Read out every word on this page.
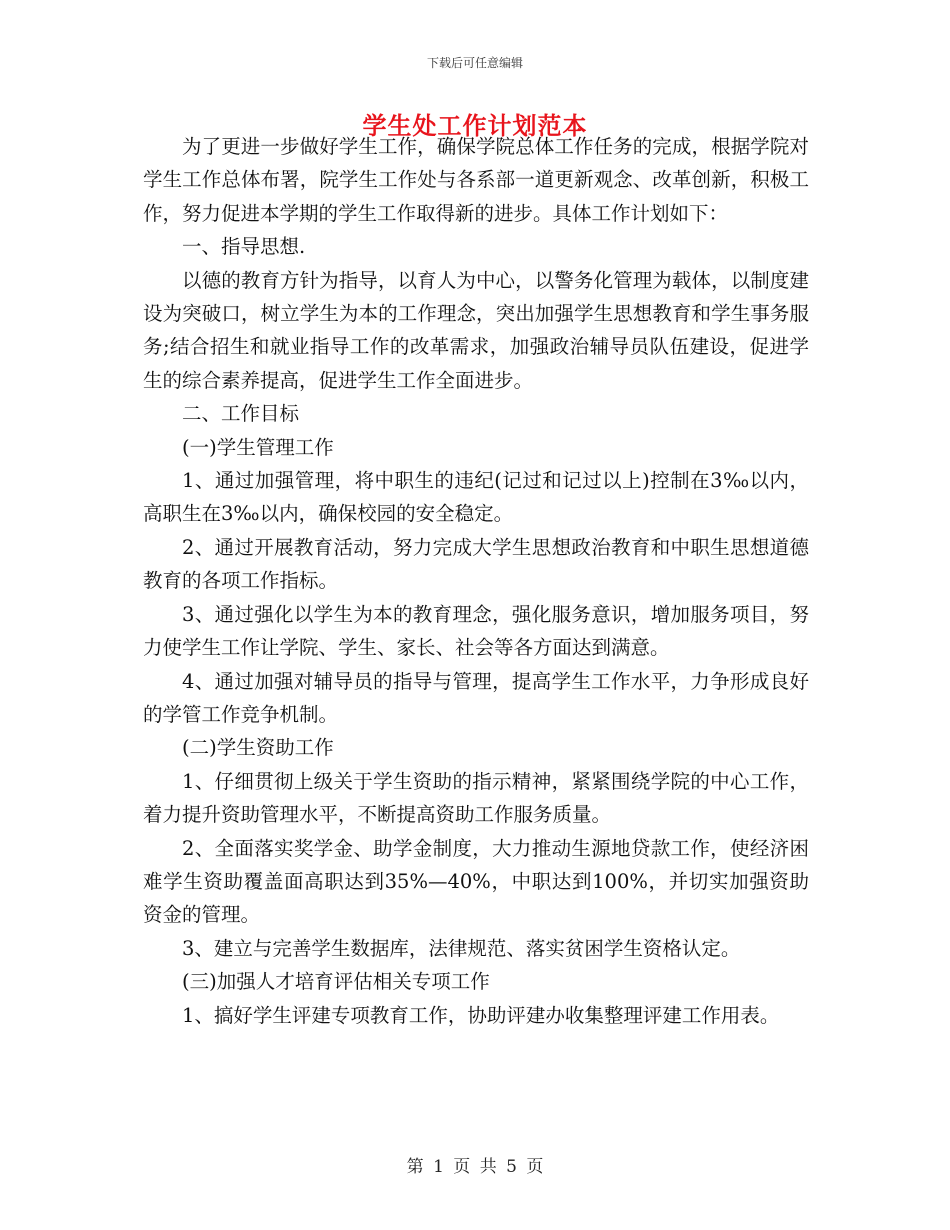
下载后可任意编辑
学生处工作计划范本

为了更进一步做好学生工作，确保学院总体工作任务的完成，根据学院对学生工作总体布署，院学生工作处与各系部一道更新观念、改革创新，积极工作，努力促进本学期的学生工作取得新的进步。具体工作计划如下：

一、指导思想.

以德的教育方针为指导，以育人为中心，以警务化管理为载体，以制度建设为突破口，树立学生为本的工作理念，突出加强学生思想教育和学生事务服务;结合招生和就业指导工作的改革需求，加强政治辅导员队伍建设，促进学生的综合素养提高，促进学生工作全面进步。

二、工作目标

(一)学生管理工作

1、通过加强管理，将中职生的违纪(记过和记过以上)控制在3‰以内，高职生在3‰以内，确保校园的安全稳定。

2、通过开展教育活动，努力完成大学生思想政治教育和中职生思想道德教育的各项工作指标。

3、通过强化以学生为本的教育理念，强化服务意识，增加服务项目，努力使学生工作让学院、学生、家长、社会等各方面达到满意。

4、通过加强对辅导员的指导与管理，提高学生工作水平，力争形成良好的学管工作竞争机制。

(二)学生资助工作

1、仔细贯彻上级关于学生资助的指示精神，紧紧围绕学院的中心工作，着力提升资助管理水平，不断提高资助工作服务质量。

2、全面落实奖学金、助学金制度，大力推动生源地贷款工作，使经济困难学生资助覆盖面高职达到35%—40%，中职达到100%，并切实加强资助资金的管理。

3、建立与完善学生数据库，法律规范、落实贫困学生资格认定。

(三)加强人才培育评估相关专项工作

1、搞好学生评建专项教育工作，协助评建办收集整理评建工作用表。

第 1 页 共 5 页
